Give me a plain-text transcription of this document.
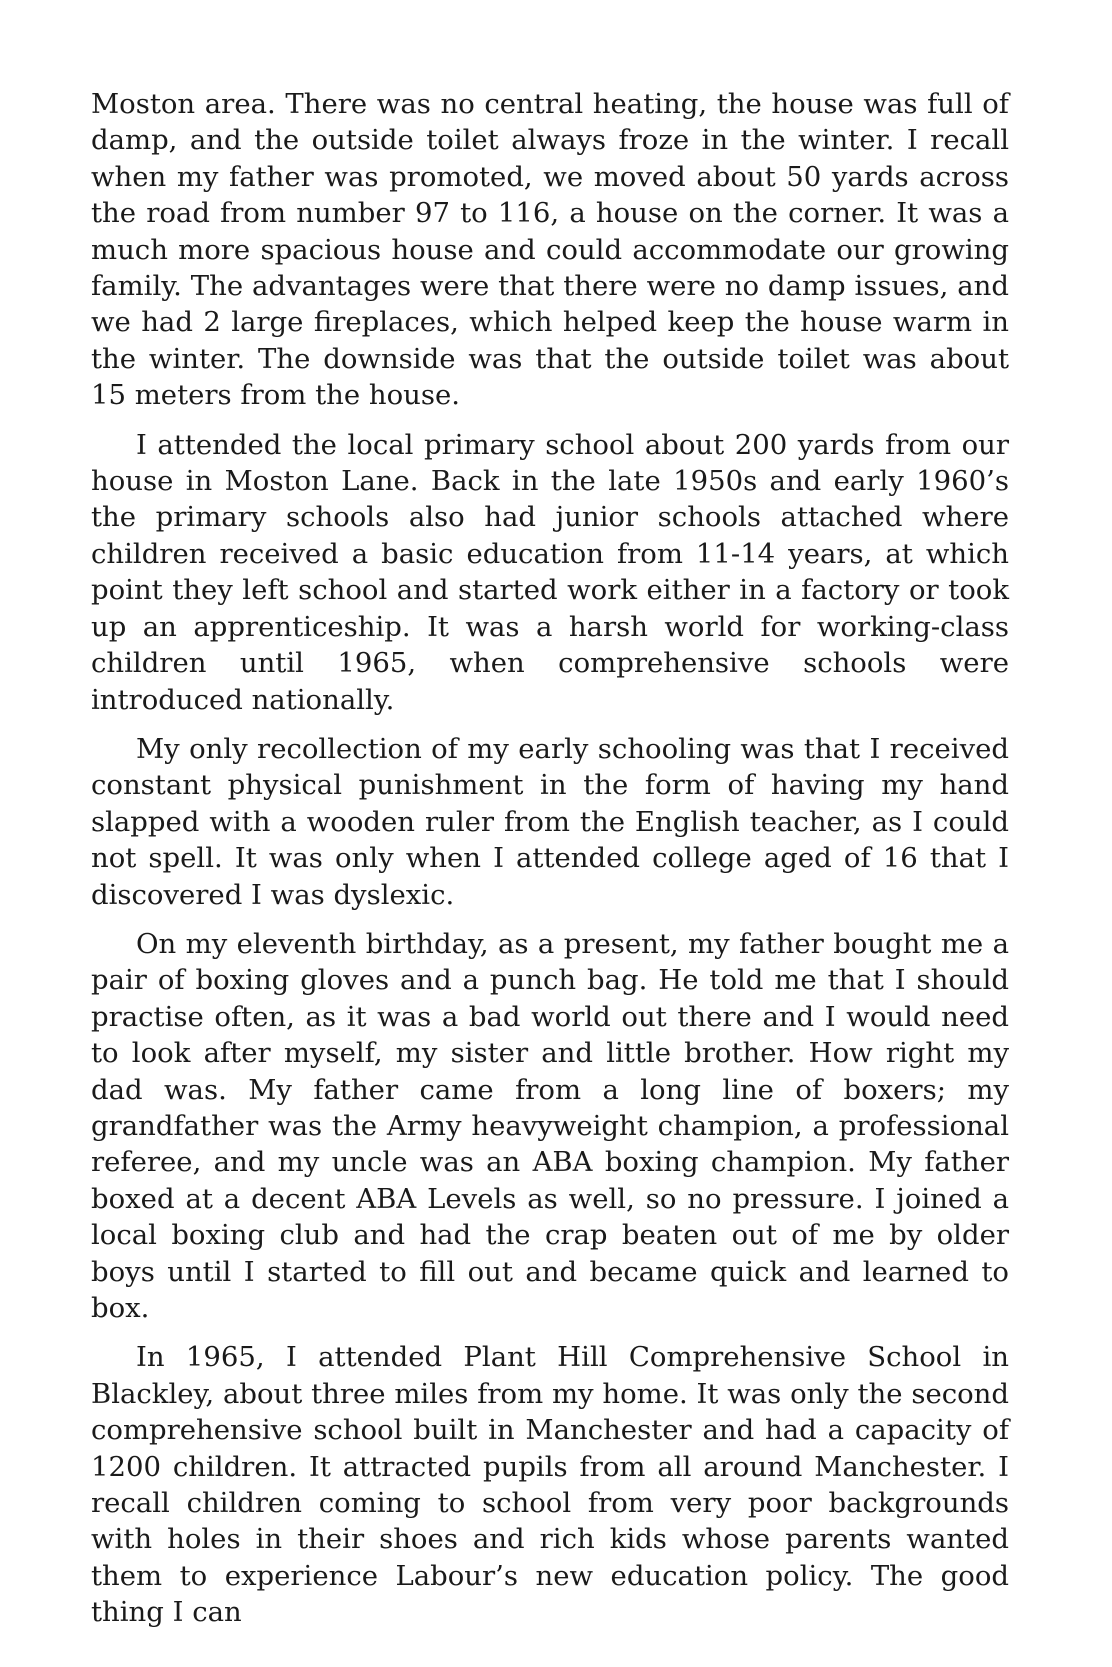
Moston area. There was no central heating, the house was full of damp, and the outside toilet always froze in the winter. I recall when my father was promoted, we moved about 50 yards across the road from number 97 to 116, a house on the corner. It was a much more spacious house and could accommodate our growing family. The advantages were that there were no damp issues, and we had 2 large fireplaces, which helped keep the house warm in the winter. The downside was that the outside toilet was about 15 meters from the house.

I attended the local primary school about 200 yards from our house in Moston Lane. Back in the late 1950s and early 1960’s the primary schools also had junior schools attached where children received a basic education from 11-14 years, at which point they left school and started work either in a factory or took up an apprenticeship. It was a harsh world for working-class children until 1965, when comprehensive schools were introduced nationally.

My only recollection of my early schooling was that I received constant physical punishment in the form of having my hand slapped with a wooden ruler from the English teacher, as I could not spell. It was only when I attended college aged of 16 that I discovered I was dyslexic.

On my eleventh birthday, as a present, my father bought me a pair of boxing gloves and a punch bag. He told me that I should practise often, as it was a bad world out there and I would need to look after myself, my sister and little brother. How right my dad was. My father came from a long line of boxers; my grandfather was the Army heavyweight champion, a professional referee, and my uncle was an ABA boxing champion. My father boxed at a decent ABA Levels as well, so no pressure. I joined a local boxing club and had the crap beaten out of me by older boys until I started to fill out and became quick and learned to box.

In 1965, I attended Plant Hill Comprehensive School in Blackley, about three miles from my home. It was only the second comprehensive school built in Manchester and had a capacity of 1200 children. It attracted pupils from all around Manchester. I recall children coming to school from very poor backgrounds with holes in their shoes and rich kids whose parents wanted them to experience Labour’s new education policy. The good thing I can
